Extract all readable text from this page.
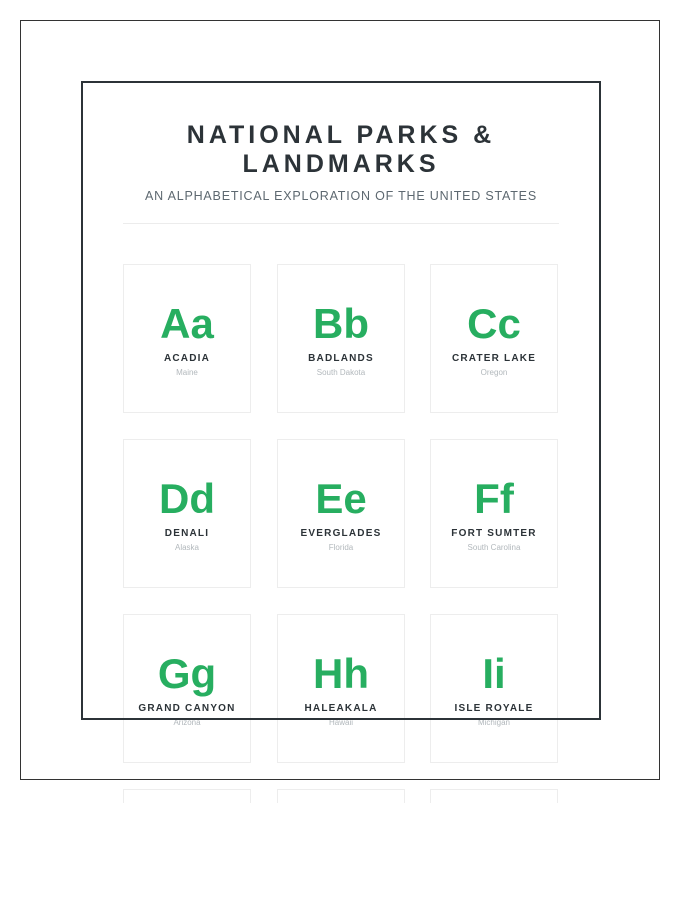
NATIONAL PARKS &
LANDMARKS
AN ALPHABETICAL EXPLORATION OF THE UNITED STATES
Aa
ACADIA
Maine
Bb
BADLANDS
South Dakota
Cc
CRATER LAKE
Oregon
Dd
DENALI
Alaska
Ee
EVERGLADES
Florida
Ff
FORT SUMTER
South Carolina
Gg
GRAND CANYON
Arizona
Hh
HALEAKALA
Hawaii
Ii
ISLE ROYALE
Michigan
